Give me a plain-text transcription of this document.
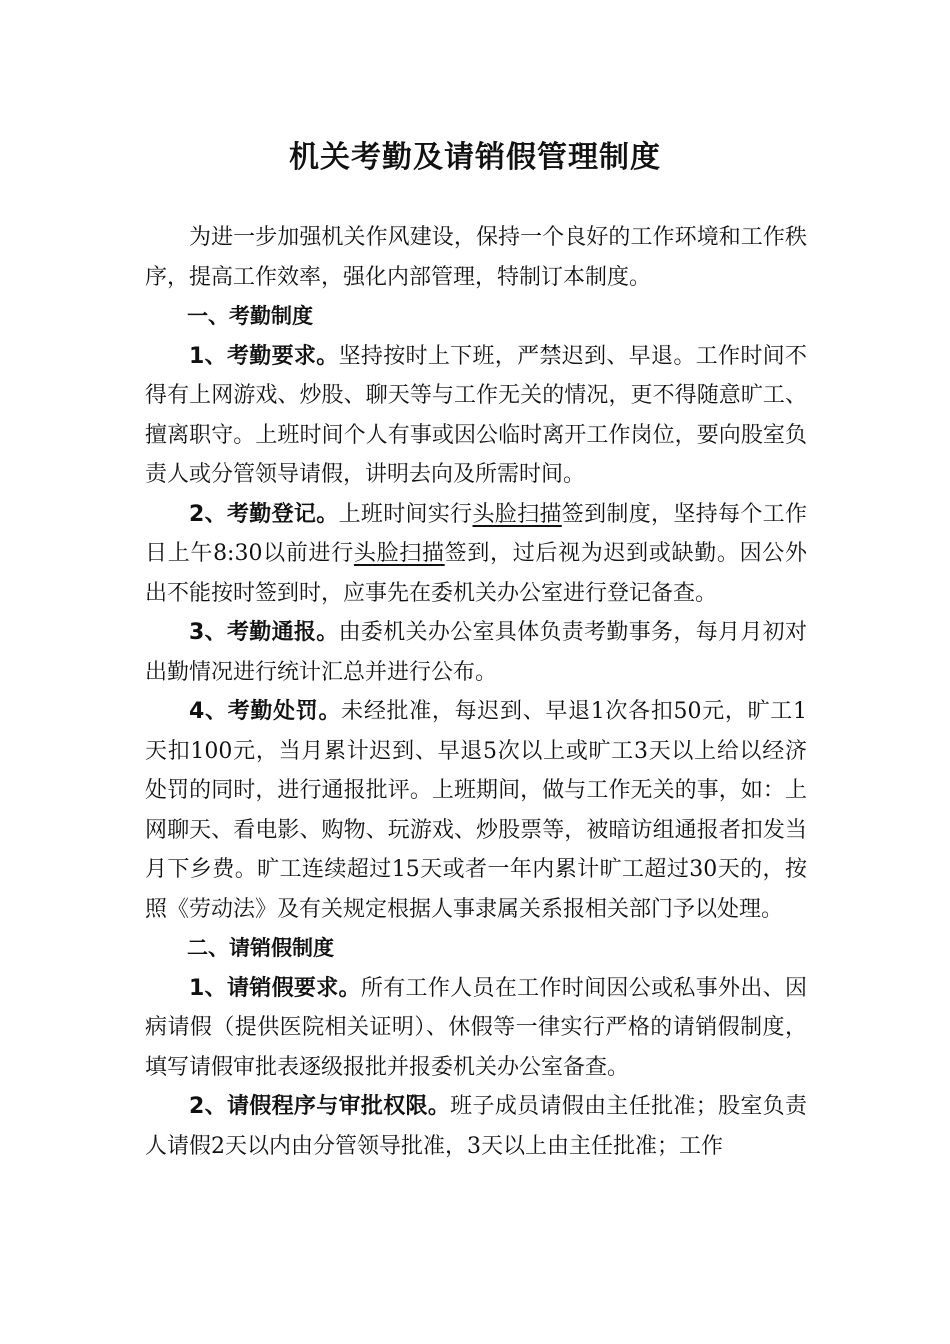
机关考勤及请销假管理制度

为进一步加强机关作风建设，保持一个良好的工作环境和工作秩序，提高工作效率，强化内部管理，特制订本制度。

一、考勤制度

1、考勤要求。坚持按时上下班，严禁迟到、早退。工作时间不得有上网游戏、炒股、聊天等与工作无关的情况，更不得随意旷工、擅离职守。上班时间个人有事或因公临时离开工作岗位，要向股室负责人或分管领导请假，讲明去向及所需时间。

2、考勤登记。上班时间实行头脸扫描签到制度，坚持每个工作日上午8:30以前进行头脸扫描签到，过后视为迟到或缺勤。因公外出不能按时签到时，应事先在委机关办公室进行登记备查。

3、考勤通报。由委机关办公室具体负责考勤事务，每月月初对出勤情况进行统计汇总并进行公布。

4、考勤处罚。未经批准，每迟到、早退1次各扣50元，旷工1天扣100元，当月累计迟到、早退5次以上或旷工3天以上给以经济处罚的同时，进行通报批评。上班期间，做与工作无关的事，如：上网聊天、看电影、购物、玩游戏、炒股票等，被暗访组通报者扣发当月下乡费。旷工连续超过15天或者一年内累计旷工超过30天的，按照《劳动法》及有关规定根据人事隶属关系报相关部门予以处理。

二、请销假制度

1、请销假要求。所有工作人员在工作时间因公或私事外出、因病请假（提供医院相关证明）、休假等一律实行严格的请销假制度，填写请假审批表逐级报批并报委机关办公室备查。

2、请假程序与审批权限。班子成员请假由主任批准；股室负责人请假2天以内由分管领导批准，3天以上由主任批准；工作
